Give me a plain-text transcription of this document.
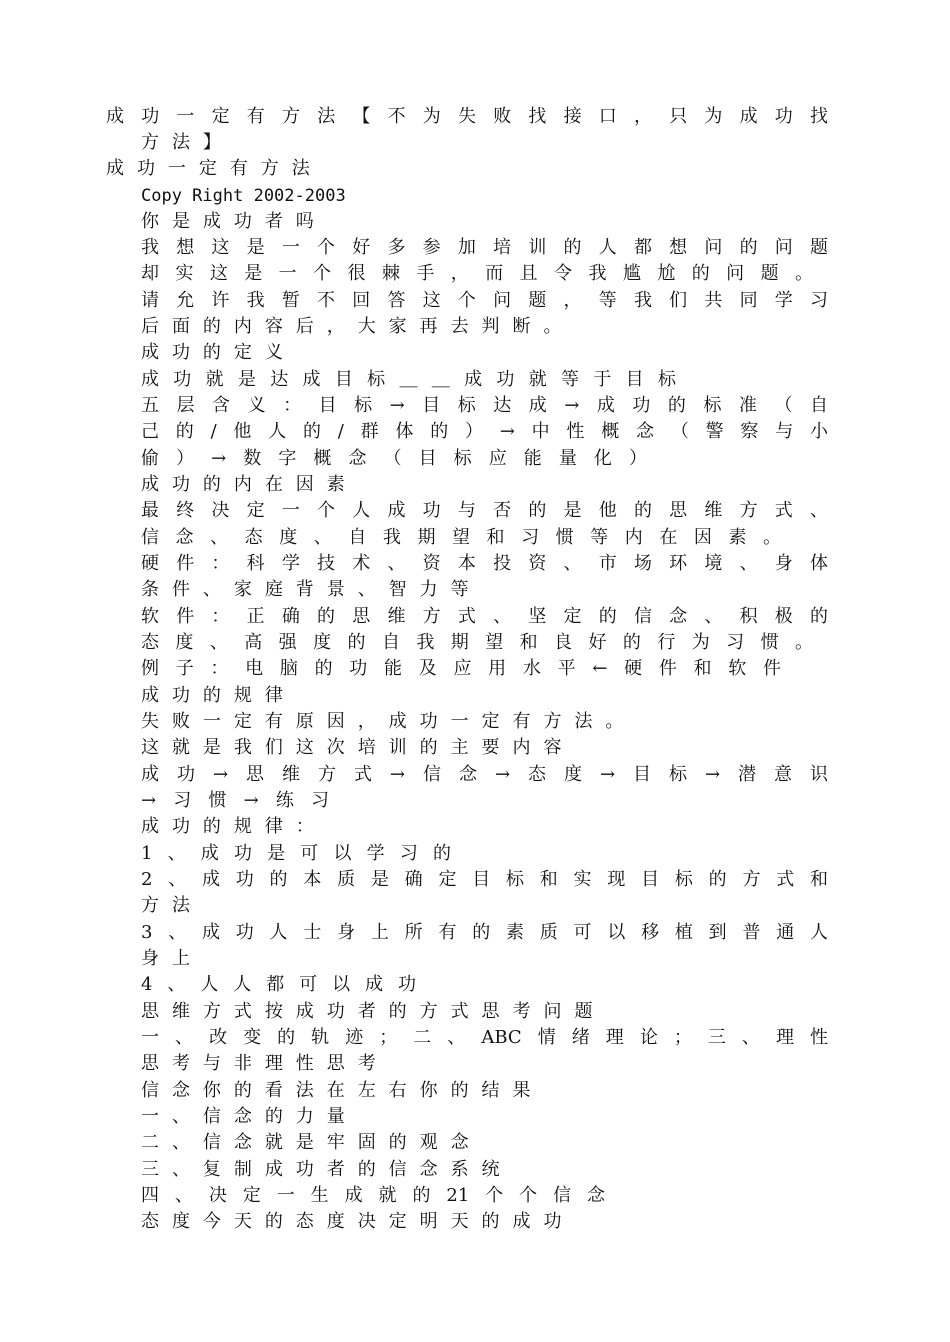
成功一定有方法【不为失败找接口，只为成功找
方法】
成功一定有方法
Copy Right 2002-2003
你是成功者吗
我想这是一个好多参加培训的人都想问的问题
却实这是一个很棘手，而且令我尴尬的问题。
请允许我暂不回答这个问题，等我们共同学习
后面的内容后，大家再去判断。
成功的定义
成功就是达成目标＿＿成功就等于目标
五层含义：目标→目标达成→成功的标准（自
己的/他人的/群体的）→中性概念（警察与小
偷）→数字概念（目标应能量化）
成功的内在因素
最终决定一个人成功与否的是他的思维方式、
信念、态度、自我期望和习惯等内在因素。
硬件：科学技术、资本投资、市场环境、身体
条件、家庭背景、智力等
软件：正确的思维方式、坚定的信念、积极的
态度、高强度的自我期望和良好的行为习惯。
例子：电脑的功能及应用水平←硬件和软件
成功的规律
失败一定有原因，成功一定有方法。
这就是我们这次培训的主要内容
成功→思维方式→信念→态度→目标→潜意识
→习惯→练习
成功的规律：
1、成功是可以学习的
2、成功的本质是确定目标和实现目标的方式和
方法
3、成功人士身上所有的素质可以移植到普通人
身上
4、人人都可以成功
思维方式按成功者的方式思考问题
一、改变的轨迹；二、ABC情绪理论；三、理性
思考与非理性思考
信念你的看法在左右你的结果
一、信念的力量
二、信念就是牢固的观念
三、复制成功者的信念系统
四、决定一生成就的21个个信念
态度今天的态度决定明天的成功
